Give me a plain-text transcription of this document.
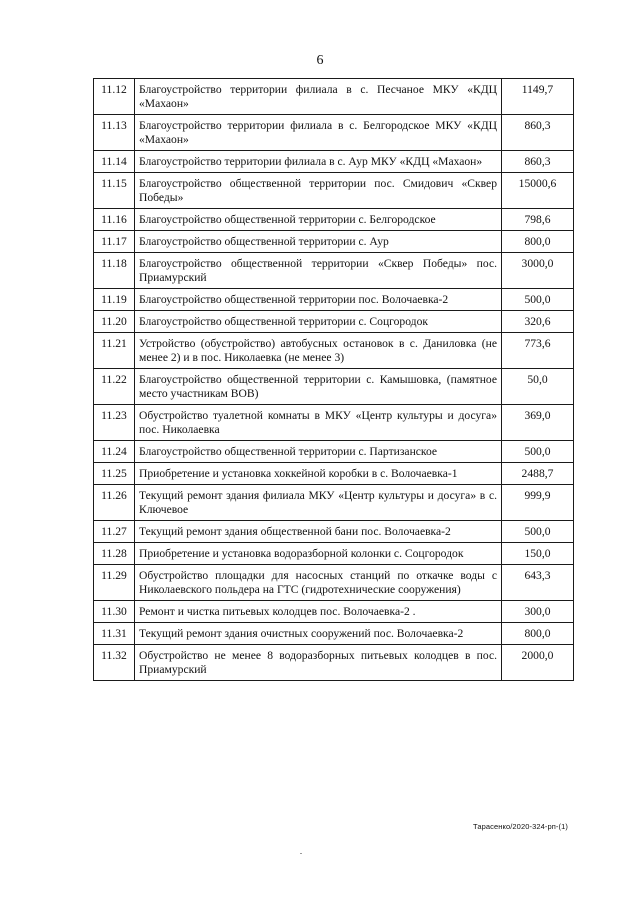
6
11.12	Благоустройство территории филиала в с. Песчаное МКУ «КДЦ «Махаон»	1149,7
11.13	Благоустройство территории филиала в с. Белгородское МКУ «КДЦ «Махаон»	860,3
11.14	Благоустройство территории филиала в с. Аур МКУ «КДЦ «Махаон»	860,3
11.15	Благоустройство общественной территории пос. Смидович «Сквер Победы»	15000,6
11.16	Благоустройство общественной территории с. Белгородское	798,6
11.17	Благоустройство общественной территории с. Аур	800,0
11.18	Благоустройство общественной территории «Сквер Победы» пос. Приамурский	3000,0
11.19	Благоустройство общественной территории пос. Волочаевка-2	500,0
11.20	Благоустройство общественной территории с. Соцгородок	320,6
11.21	Устройство (обустройство) автобусных остановок в с. Даниловка (не менее 2) и в пос. Николаевка (не менее 3)	773,6
11.22	Благоустройство общественной территории с. Камышовка, (памятное место участникам ВОВ)	50,0
11.23	Обустройство туалетной комнаты в МКУ «Центр культуры и досуга» пос. Николаевка	369,0
11.24	Благоустройство общественной территории с. Партизанское	500,0
11.25	Приобретение и установка хоккейной коробки в с. Волочаевка-1	2488,7
11.26	Текущий ремонт здания филиала МКУ «Центр культуры и досуга» в с. Ключевое	999,9
11.27	Текущий ремонт здания общественной бани пос. Волочаевка-2	500,0
11.28	Приобретение и установка водоразборной колонки с. Соцгородок	150,0
11.29	Обустройство площадки для насосных станций по откачке воды с Николаевского польдера на ГТС (гидротехнические сооружения)	643,3
11.30	Ремонт и чистка питьевых колодцев пос. Волочаевка-2 .	300,0
11.31	Текущий ремонт здания очистных сооружений пос. Волочаевка-2	800,0
11.32	Обустройство не менее 8 водоразборных питьевых колодцев в пос. Приамурский	2000,0
Тарасенко/2020-324-рп-(1)
